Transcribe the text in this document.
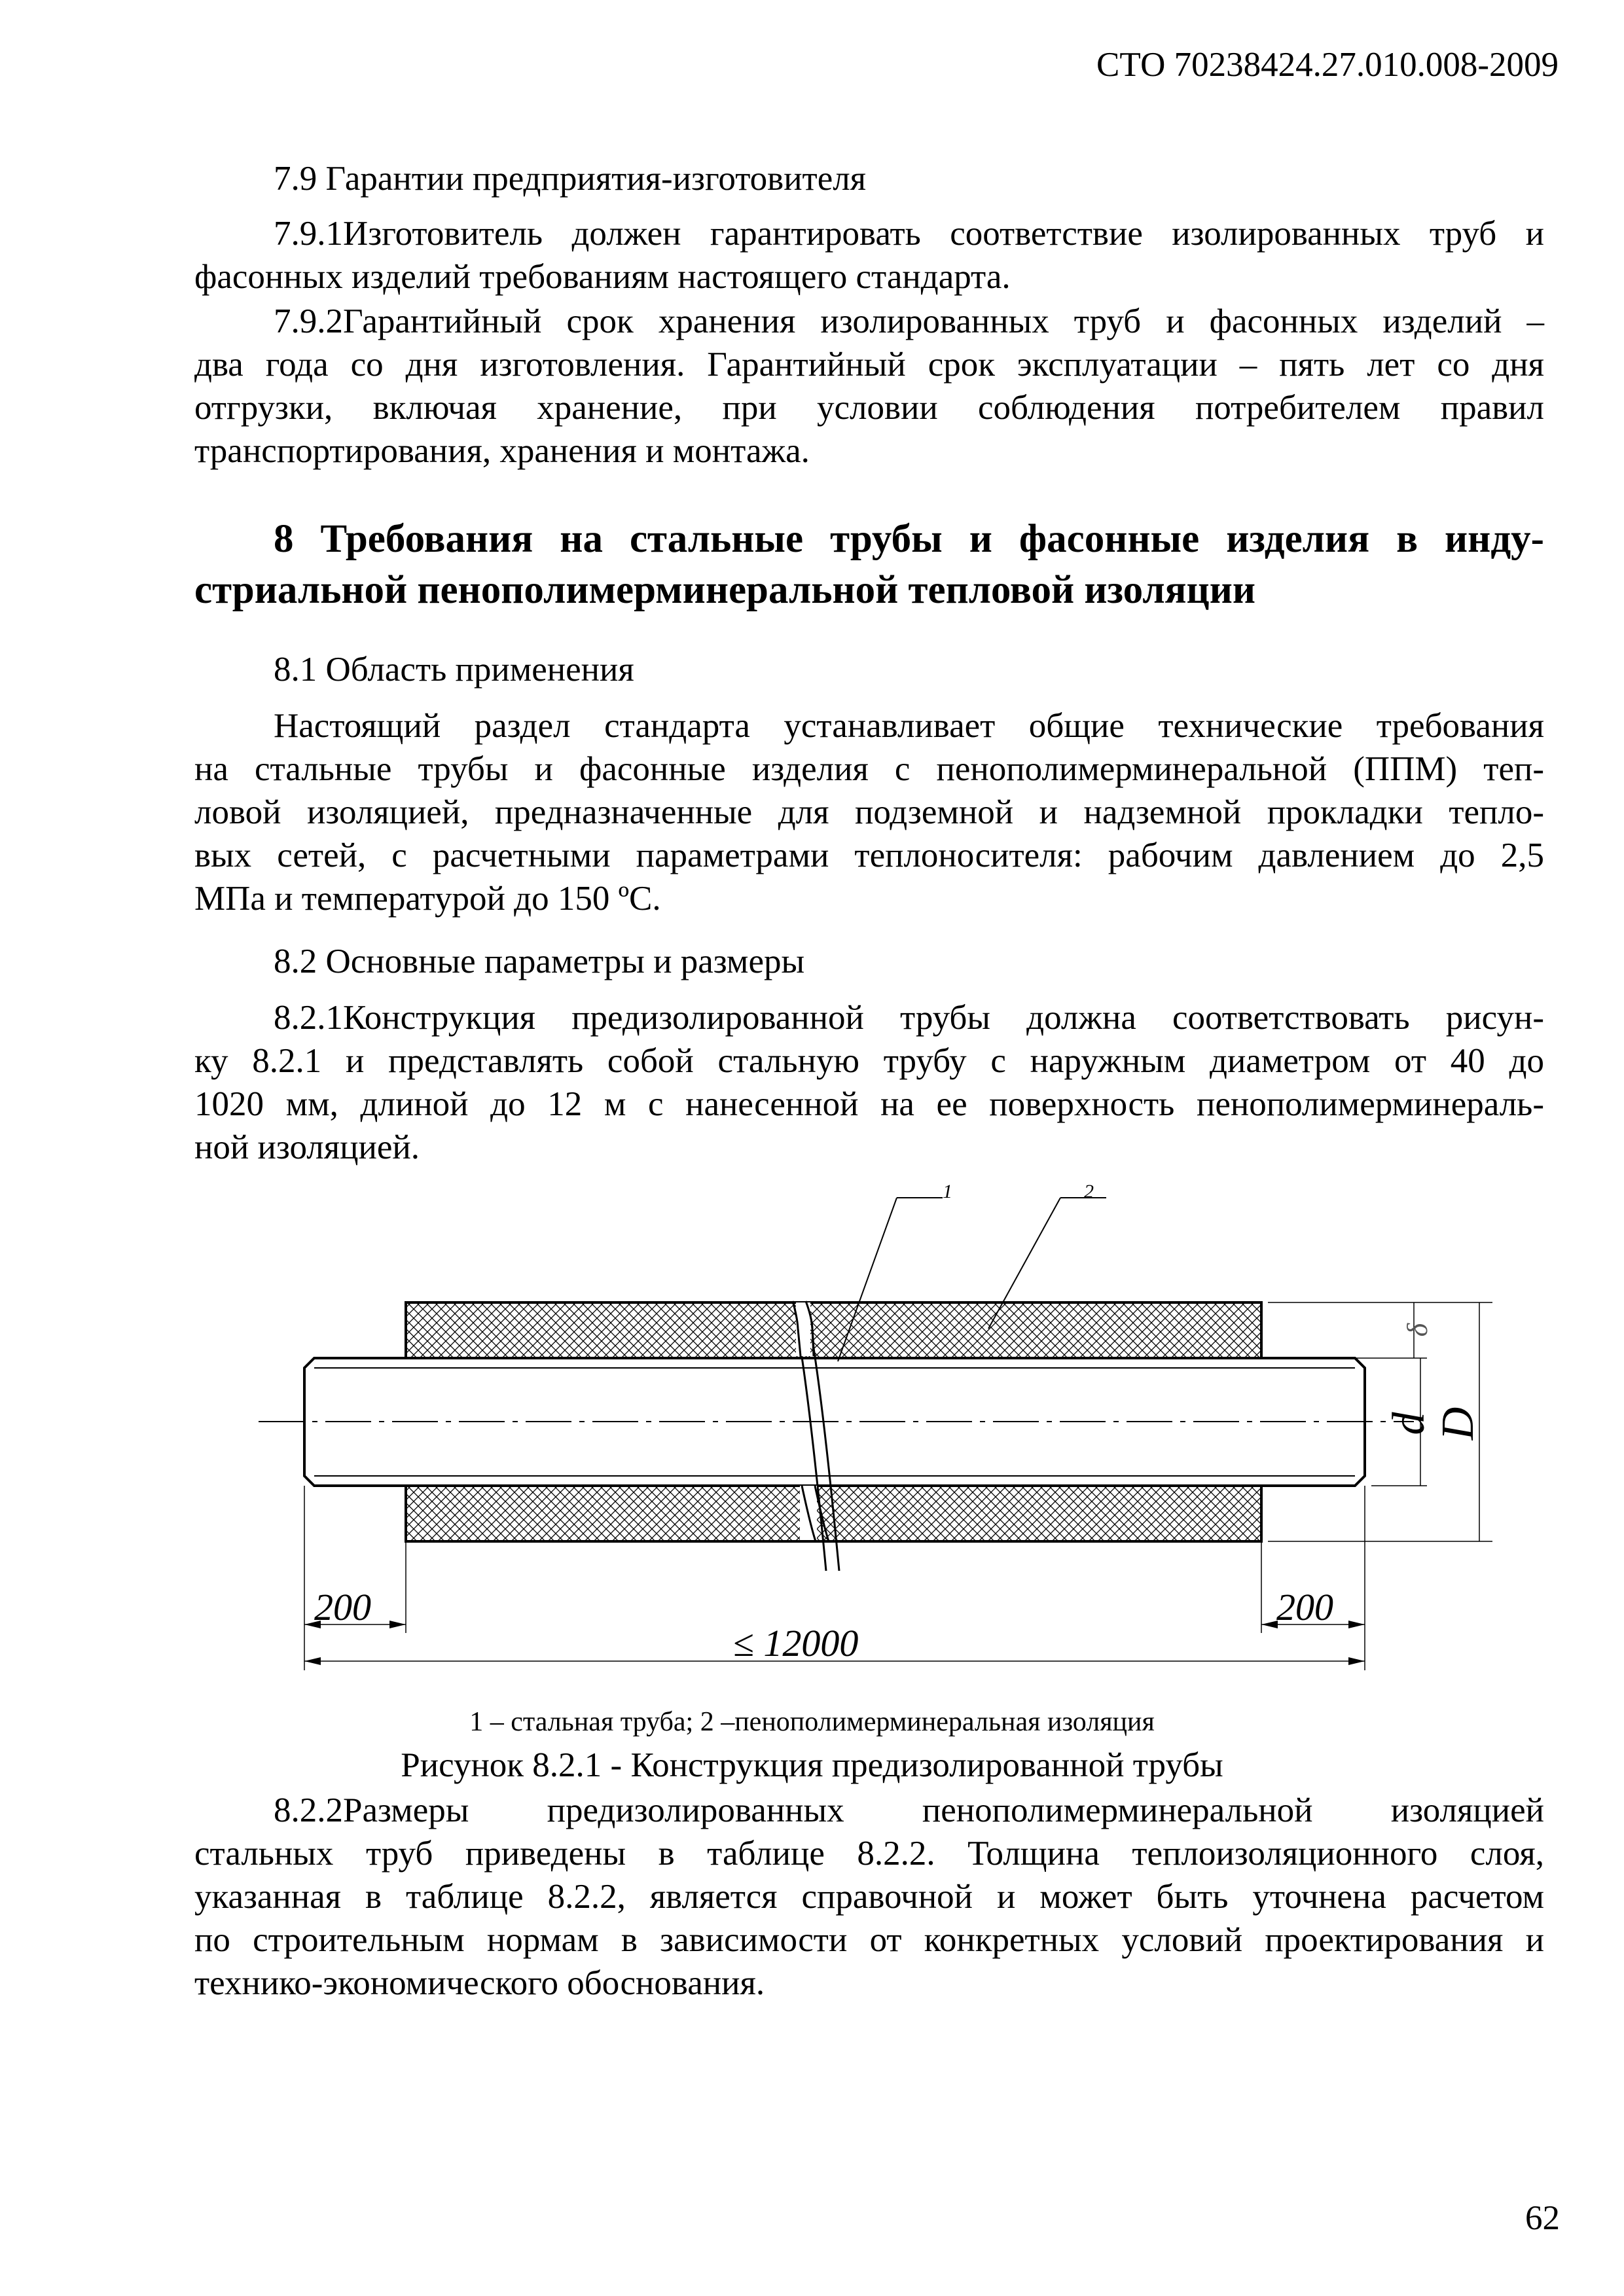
СТО 70238424.27.010.008-2009
7.9 Гарантии предприятия-изготовителя
7.9.1Изготовитель должен гарантировать соответствие изолированных труб и
фасонных изделий требованиям настоящего стандарта.
7.9.2Гарантийный срок хранения изолированных труб и фасонных изделий –
два года со дня изготовления. Гарантийный срок эксплуатации – пять лет со дня
отгрузки, включая хранение, при условии соблюдения потребителем правил
транспортирования, хранения и монтажа.
8 Требования на стальные трубы и фасонные изделия в инду-
стриальной пенополимерминеральной тепловой изоляции
8.1 Область применения
Настоящий раздел стандарта устанавливает общие технические требования
на стальные трубы и фасонные изделия с пенополимерминеральной (ППМ) теп-
ловой изоляцией, предназначенные для подземной и надземной прокладки тепло-
вых сетей, с расчетными параметрами теплоносителя: рабочим давлением до 2,5
МПа и температурой до 150 ºС.
8.2 Основные параметры и размеры
8.2.1Конструкция предизолированной трубы должна соответствовать рисун-
ку 8.2.1 и представлять собой стальную трубу с наружным диаметром от 40 до
1020 мм, длиной до 12 м с нанесенной на ее поверхность пенополимерминераль-
ной изоляцией.
1	2
δ
d
D
200	200
≤ 12000
1 – стальная труба; 2 –пенополимерминеральная изоляция
Рисунок 8.2.1 - Конструкция предизолированной трубы
8.2.2Размеры предизолированных пенополимерминеральной изоляцией
стальных труб приведены в таблице 8.2.2. Толщина теплоизоляционного слоя,
указанная в таблице 8.2.2, является справочной и может быть уточнена расчетом
по строительным нормам в зависимости от конкретных условий проектирования и
технико-экономического обоснования.
62
